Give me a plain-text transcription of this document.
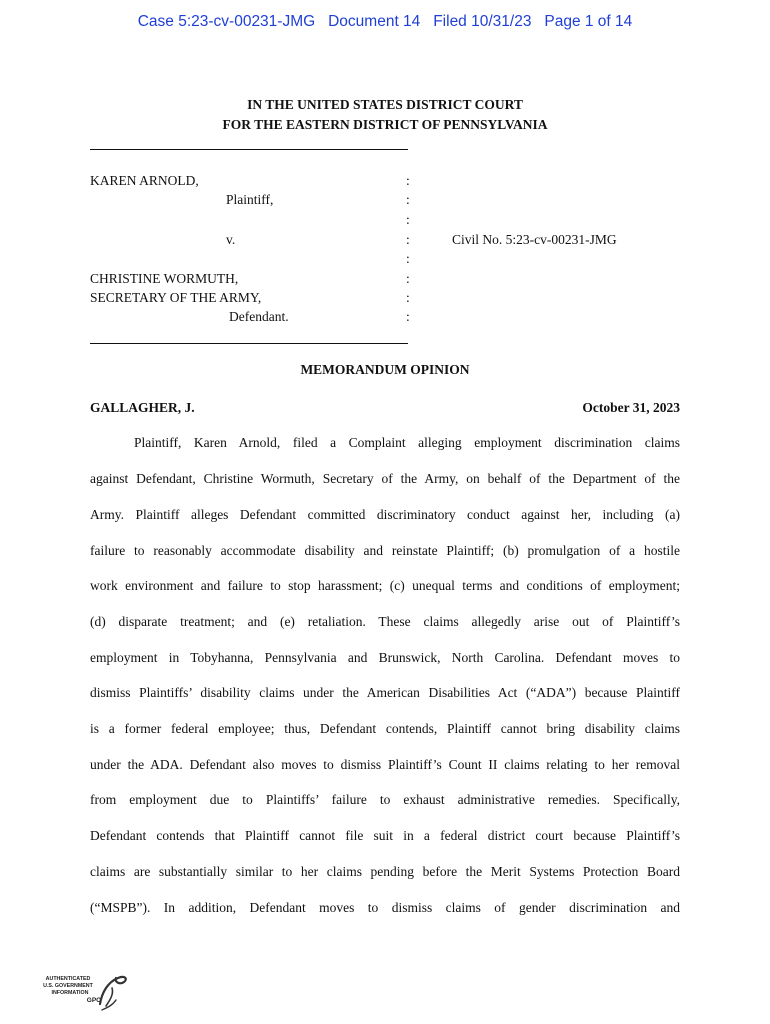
Case 5:23-cv-00231-JMG   Document 14   Filed 10/31/23   Page 1 of 14
IN THE UNITED STATES DISTRICT COURT
FOR THE EASTERN DISTRICT OF PENNSYLVANIA
KAREN ARNOLD,
Plaintiff,
v.	Civil No. 5:23-cv-00231-JMG
CHRISTINE WORMUTH,
SECRETARY OF THE ARMY,
Defendant.
:
:
:
:
:
:
:
:
MEMORANDUM OPINION
GALLAGHER, J.	October 31, 2023
Plaintiff, Karen Arnold, filed a Complaint alleging employment discrimination claims
against Defendant, Christine Wormuth, Secretary of the Army, on behalf of the Department of the
Army. Plaintiff alleges Defendant committed discriminatory conduct against her, including (a)
failure to reasonably accommodate disability and reinstate Plaintiff; (b) promulgation of a hostile
work environment and failure to stop harassment; (c) unequal terms and conditions of employment;
(d) disparate treatment; and (e) retaliation. These claims allegedly arise out of Plaintiff’s
employment in Tobyhanna, Pennsylvania and Brunswick, North Carolina. Defendant moves to
dismiss Plaintiffs’ disability claims under the American Disabilities Act (“ADA”) because Plaintiff
is a former federal employee; thus, Defendant contends, Plaintiff cannot bring disability claims
under the ADA. Defendant also moves to dismiss Plaintiff’s Count II claims relating to her removal
from employment due to Plaintiffs’ failure to exhaust administrative remedies. Specifically,
Defendant contends that Plaintiff cannot file suit in a federal district court because Plaintiff’s
claims are substantially similar to her claims pending before the Merit Systems Protection Board
(“MSPB”). In addition, Defendant moves to dismiss claims of gender discrimination and
AUTHENTICATED
U.S. GOVERNMENT
INFORMATION
GPO
